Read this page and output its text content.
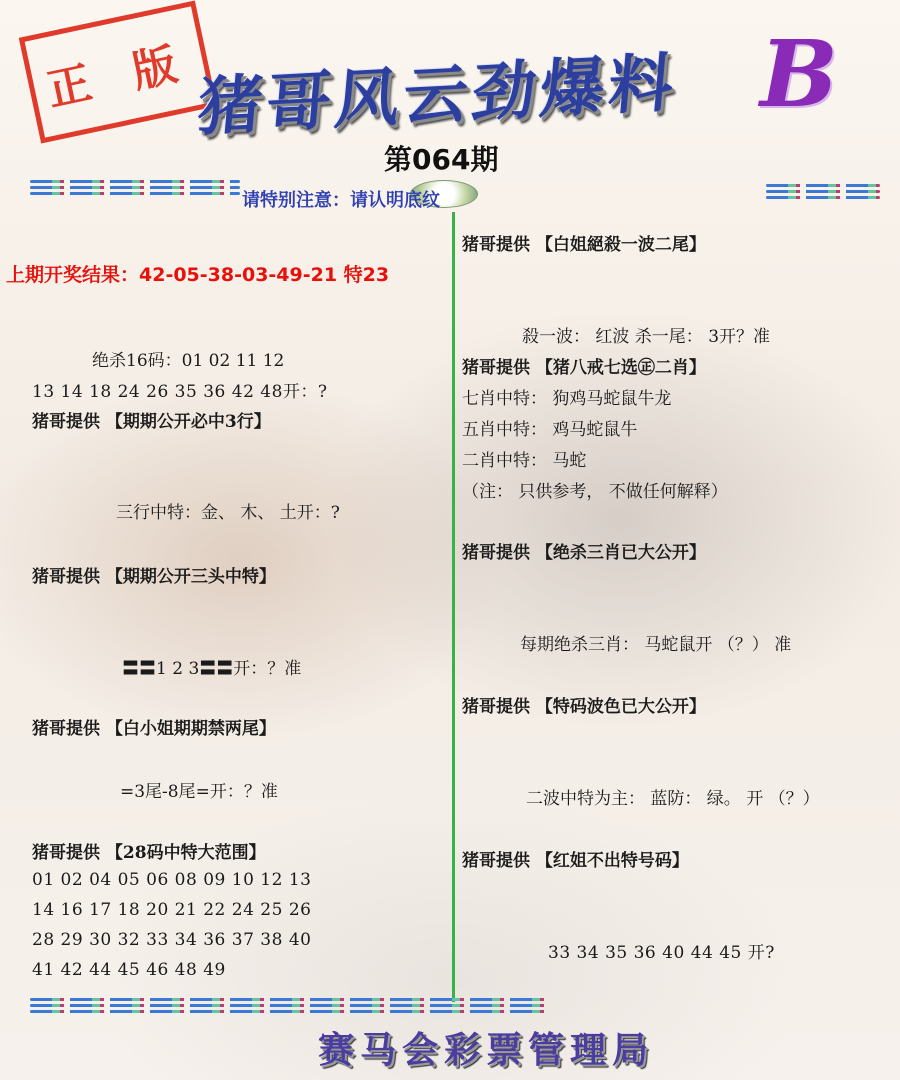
正 版 猪哥风云劲爆料 B
第064期
请特别注意：请认明底纹
上期开奖结果：42-05-38-03-49-21 特23
绝杀16码：01 02 11 12
13 14 18 24 26 35 36 42 48开：?
猪哥提供 【期期公开必中3行】
三行中特：金、 木、 土开：?
猪哥提供 【期期公开三头中特】
〓〓1 2 3〓〓开：？准
猪哥提供 【白小姐期期禁两尾】
=3尾-8尾=开：？准
猪哥提供 【28码中特大范围】
01 02 04 05 06 08 09 10 12 13
14 16 17 18 20 21 22 24 25 26
28 29 30 32 33 34 36 37 38 40
41 42 44 45 46 48 49
猪哥提供 【白姐絕殺一波二尾】
殺一波： 红波 杀一尾： 3开？准
猪哥提供 【猪八戒七选㊣二肖】
七肖中特： 狗鸡马蛇鼠牛龙
五肖中特： 鸡马蛇鼠牛
二肖中特： 马蛇
（注： 只供参考， 不做任何解释）
猪哥提供 【绝杀三肖已大公开】
每期绝杀三肖： 马蛇鼠开 （？） 准
猪哥提供 【特码波色已大公开】
二波中特为主： 蓝防： 绿。 开 （？）
猪哥提供 【红姐不出特号码】
33 34 35 36 40 44 45 开?
赛马会彩票管理局
